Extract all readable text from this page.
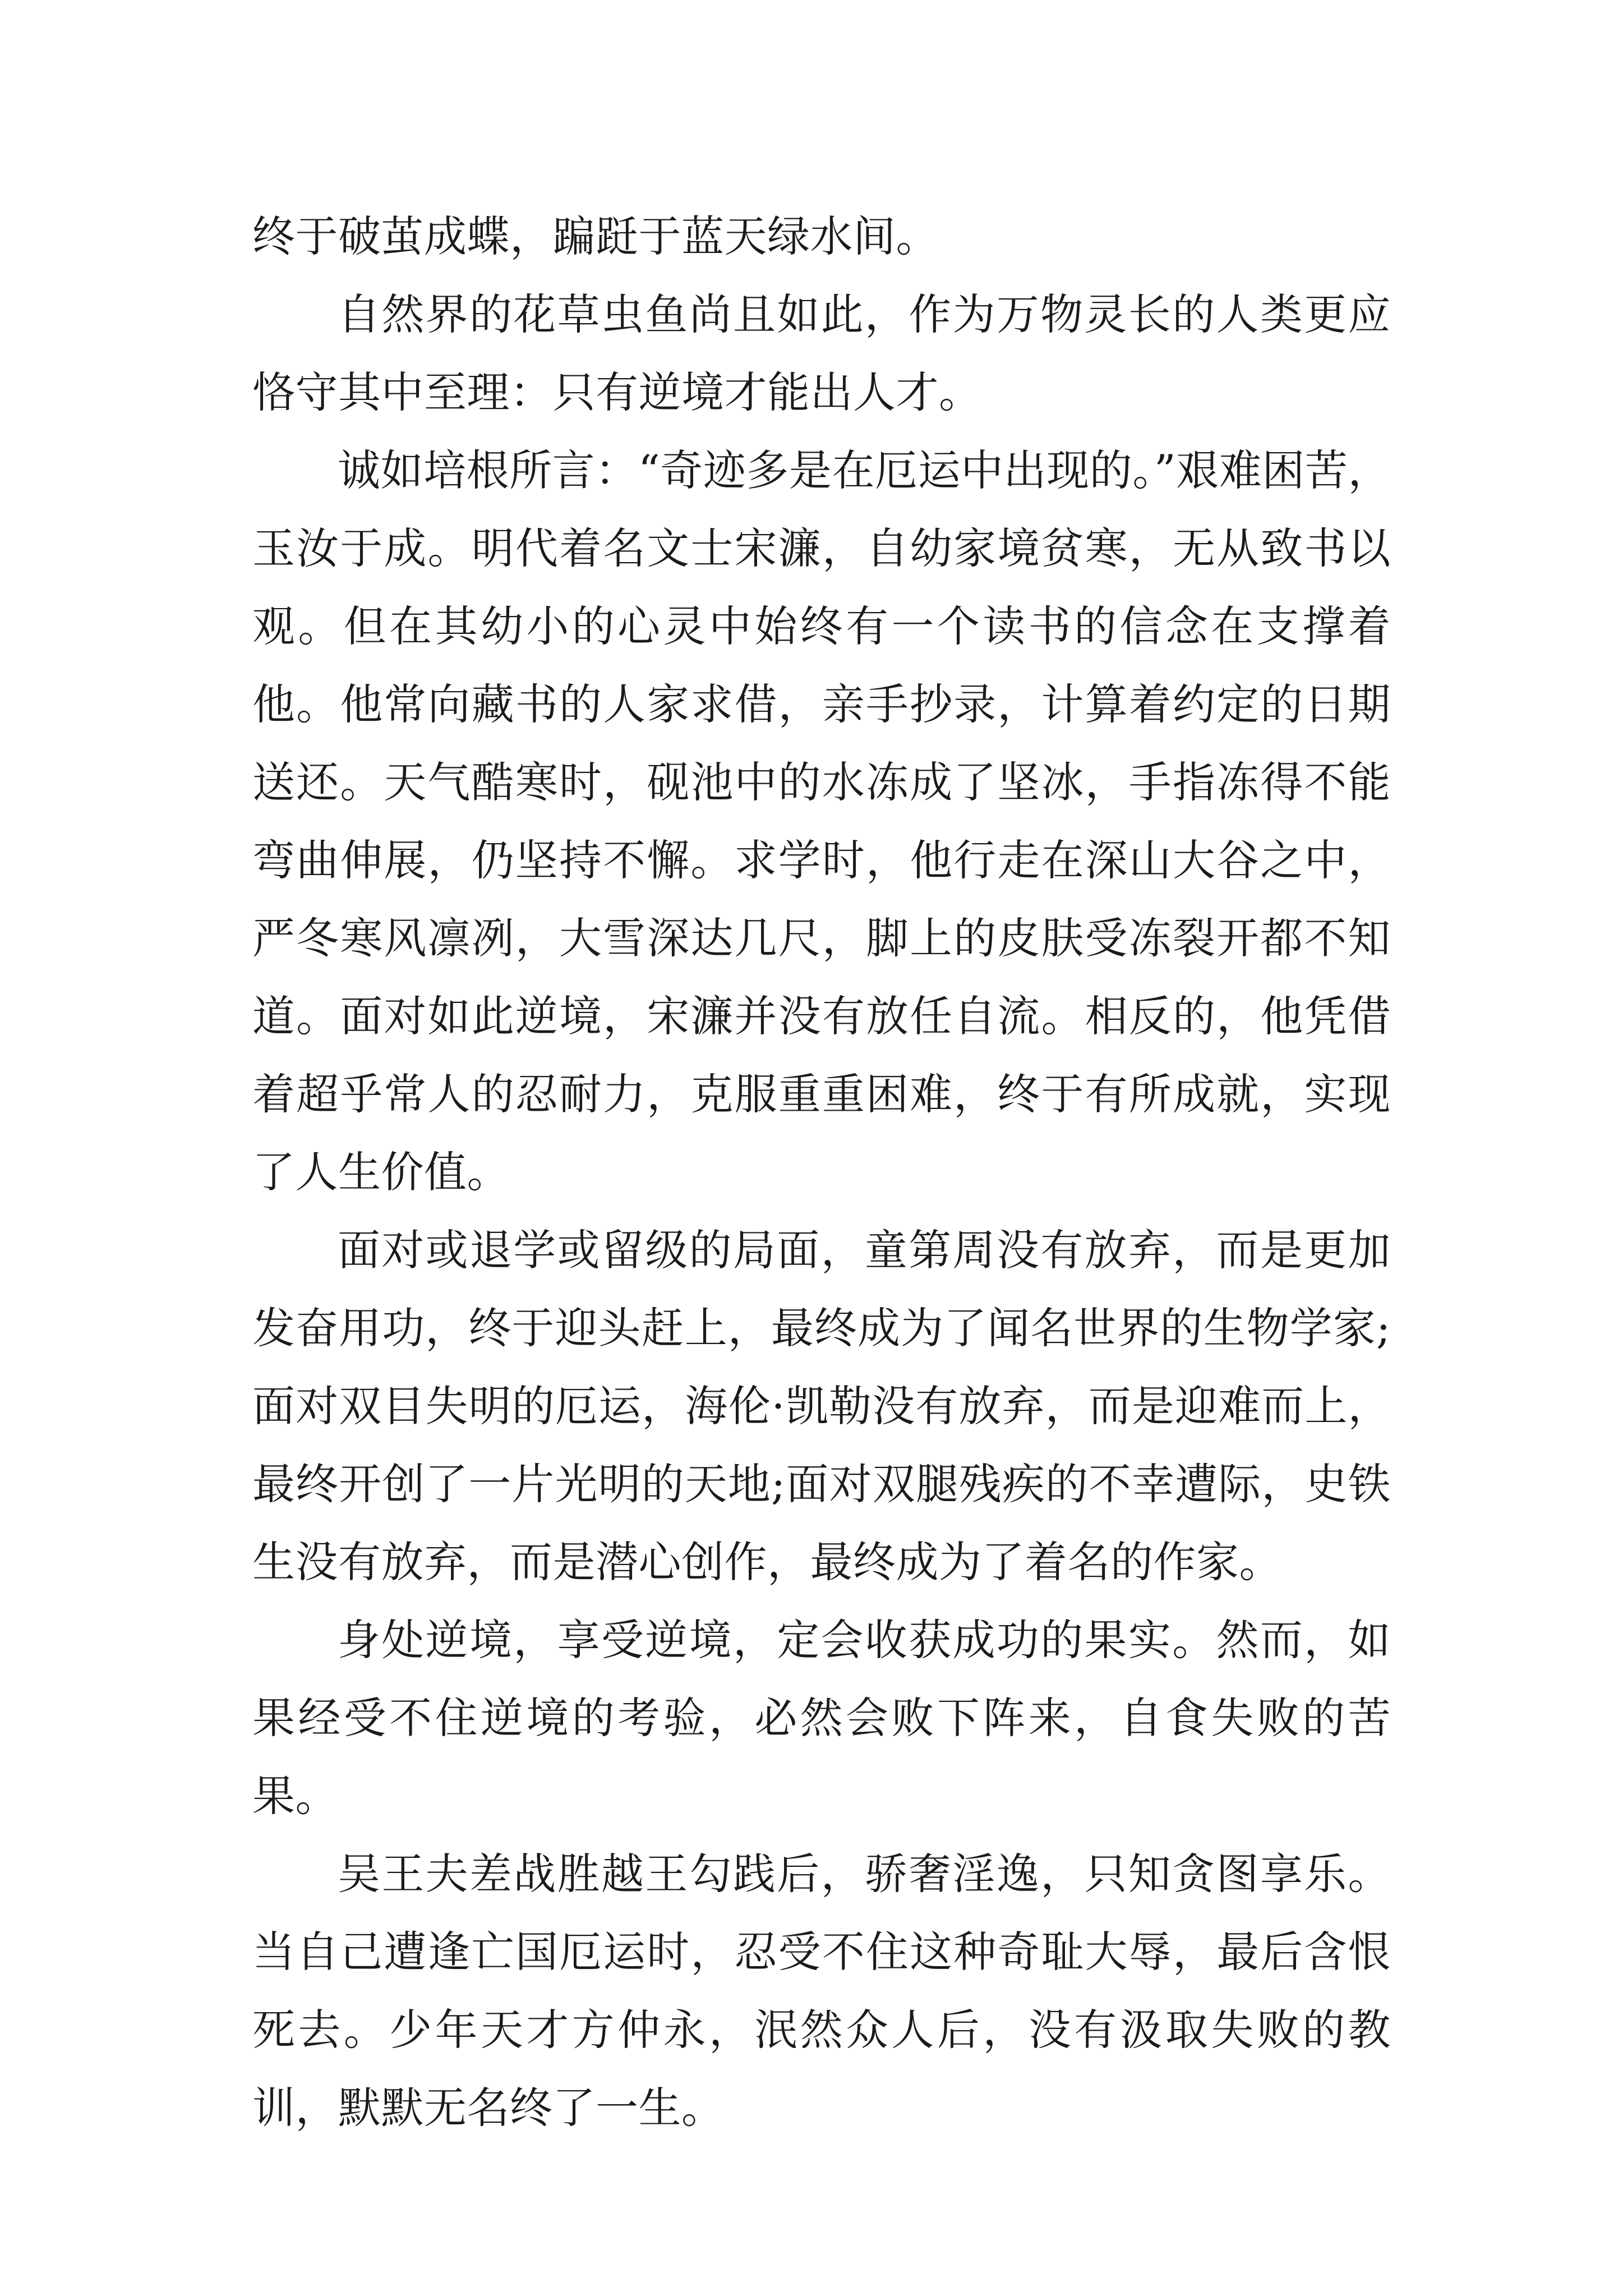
终于破茧成蝶，蹁跹于蓝天绿水间。

自然界的花草虫鱼尚且如此，作为万物灵长的人类更应恪守其中至理：只有逆境才能出人才。

诚如培根所言：“奇迹多是在厄运中出现的。”艰难困苦，玉汝于成。明代着名文士宋濂，自幼家境贫寒，无从致书以观。但在其幼小的心灵中始终有一个读书的信念在支撑着他。他常向藏书的人家求借，亲手抄录，计算着约定的日期送还。天气酷寒时，砚池中的水冻成了坚冰，手指冻得不能弯曲伸展，仍坚持不懈。求学时，他行走在深山大谷之中，严冬寒风凛冽，大雪深达几尺，脚上的皮肤受冻裂开都不知道。面对如此逆境，宋濂并没有放任自流。相反的，他凭借着超乎常人的忍耐力，克服重重困难，终于有所成就，实现了人生价值。

面对或退学或留级的局面，童第周没有放弃，而是更加发奋用功，终于迎头赶上，最终成为了闻名世界的生物学家;面对双目失明的厄运，海伦·凯勒没有放弃，而是迎难而上，最终开创了一片光明的天地;面对双腿残疾的不幸遭际，史铁生没有放弃，而是潜心创作，最终成为了着名的作家。

身处逆境，享受逆境，定会收获成功的果实。然而，如果经受不住逆境的考验，必然会败下阵来，自食失败的苦果。

吴王夫差战胜越王勾践后，骄奢淫逸，只知贪图享乐。当自己遭逢亡国厄运时，忍受不住这种奇耻大辱，最后含恨死去。少年天才方仲永，泯然众人后，没有汲取失败的教训，默默无名终了一生。
